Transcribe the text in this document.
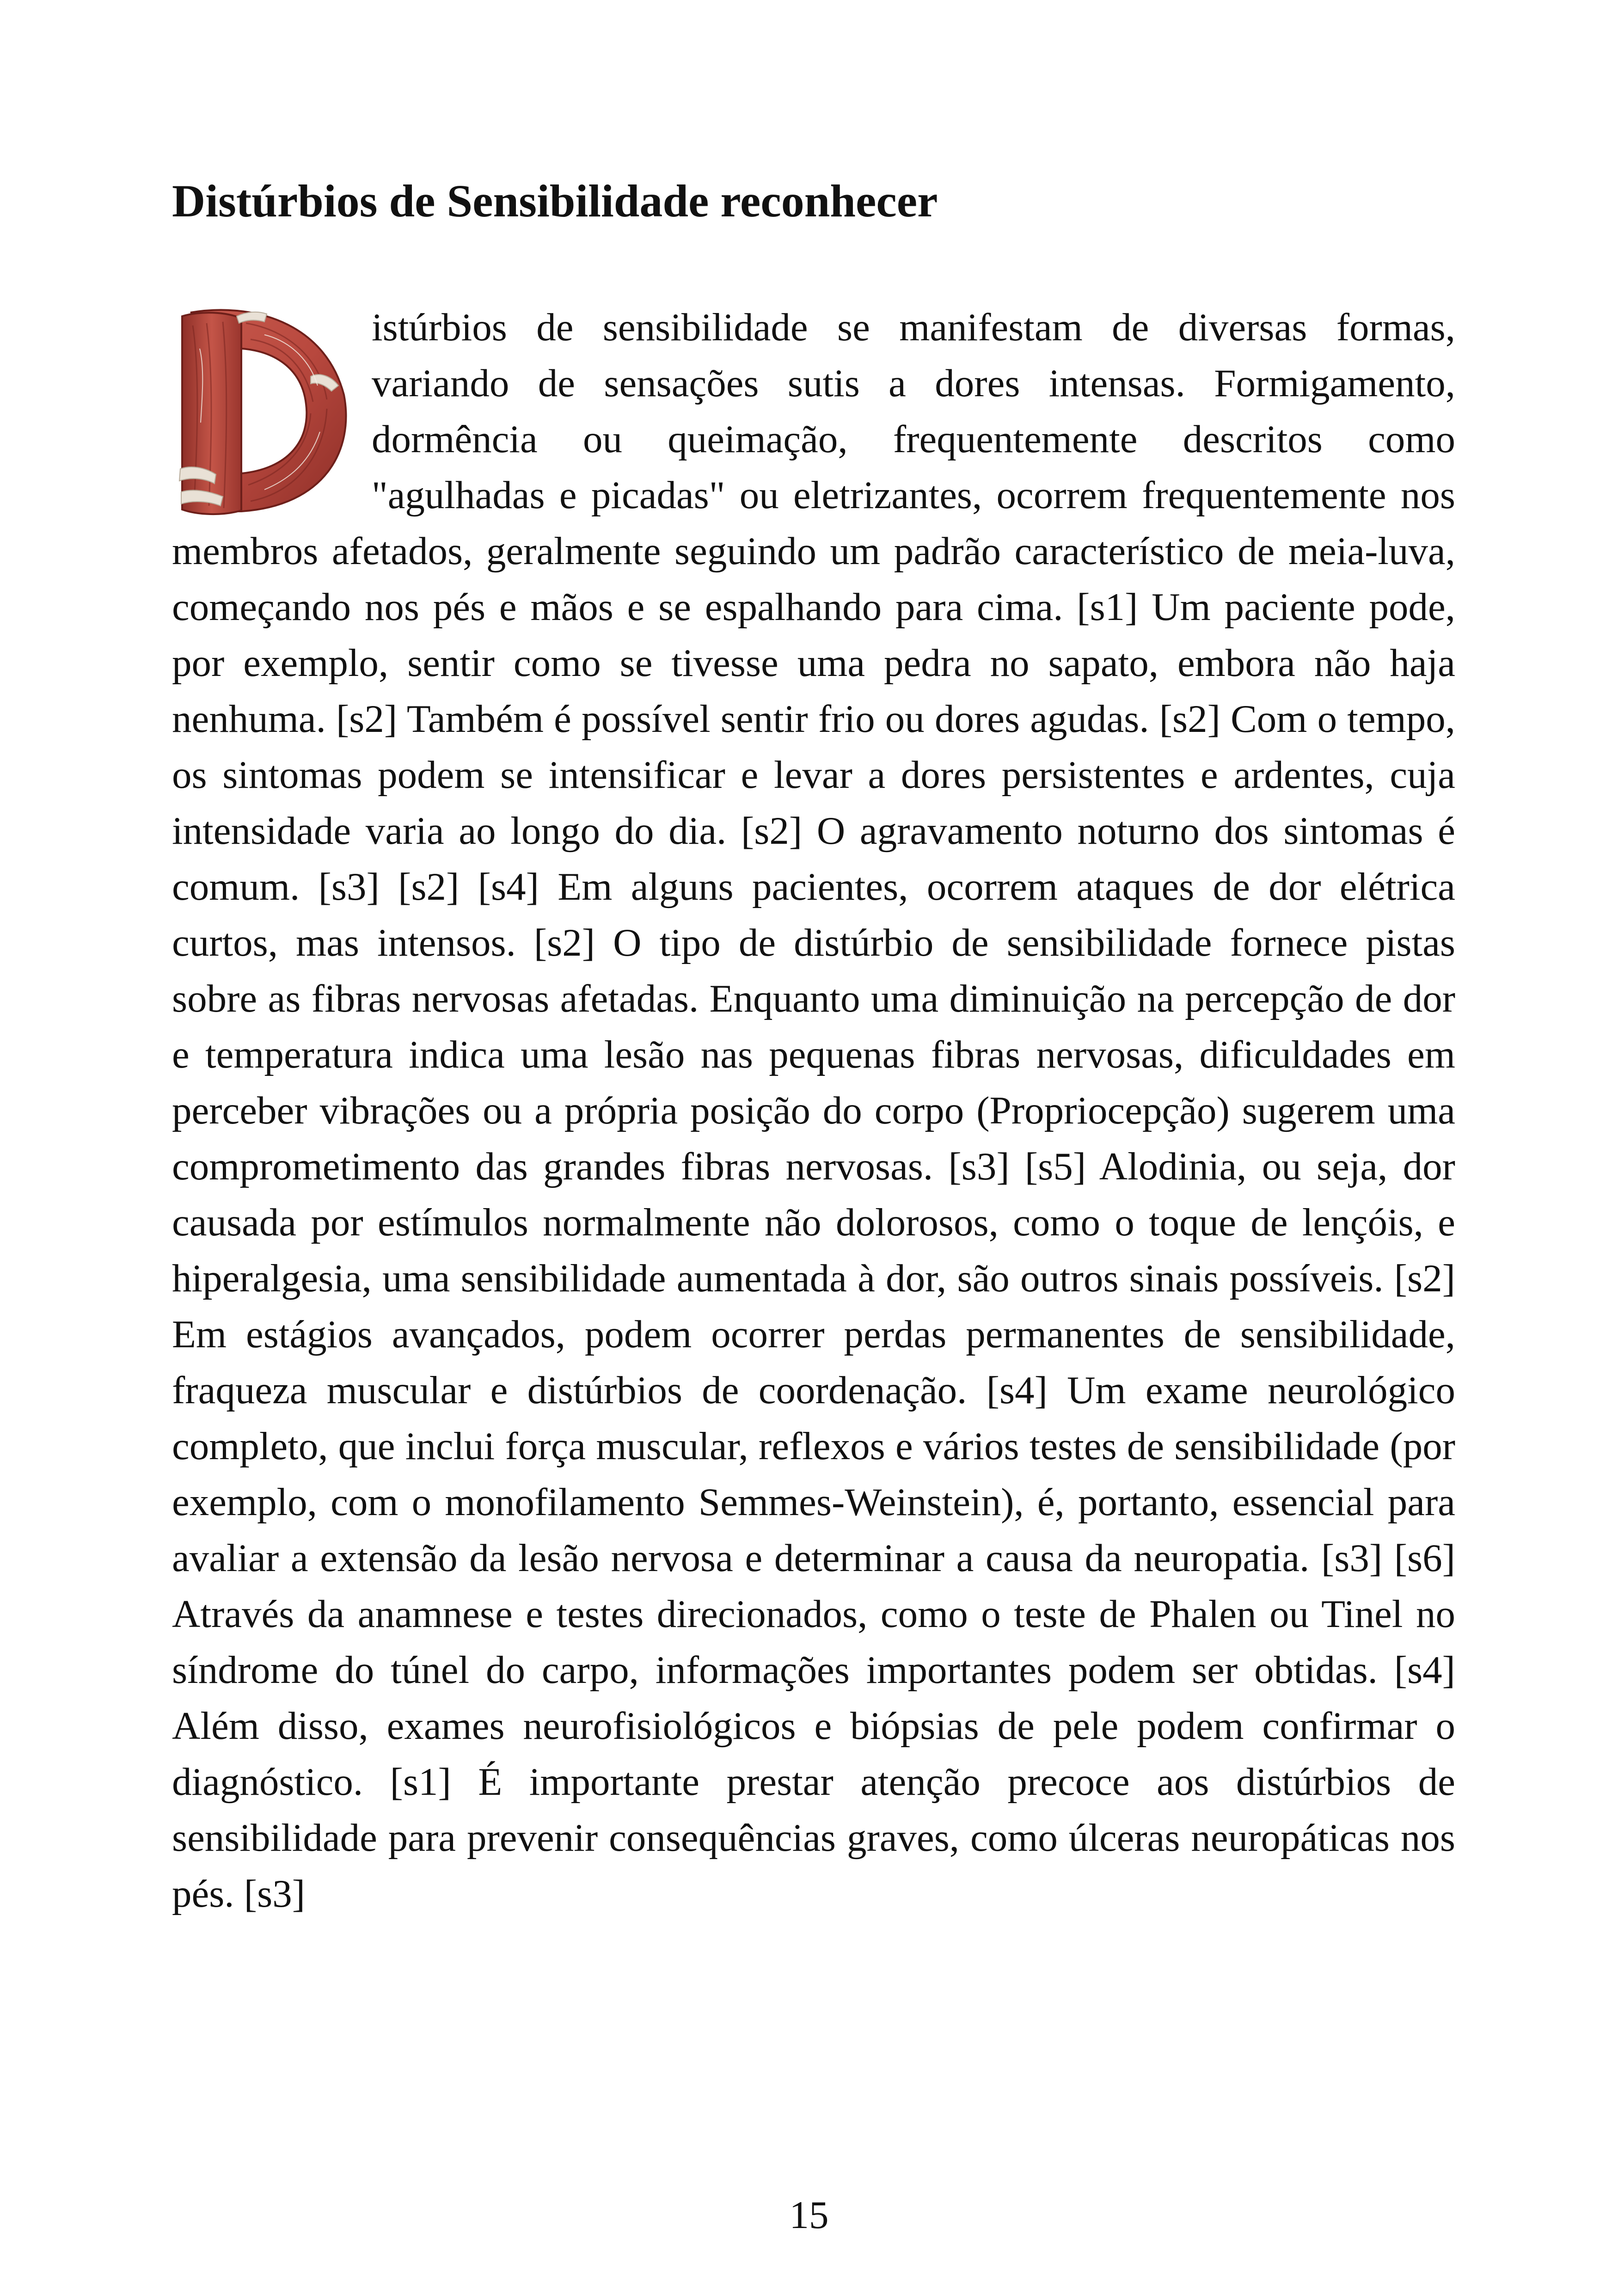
Distúrbios de Sensibilidade reconhecer
istúrbios de sensibilidade se manifestam de diversas formas, variando de sensações sutis a dores intensas. Formigamento, dormência ou queimação, frequentemente descritos como "agulhadas e picadas" ou eletrizantes, ocorrem frequentemente nos membros afetados, geralmente seguindo um padrão característico de meia-luva, começando nos pés e mãos e se espalhando para cima. [s1] Um paciente pode, por exemplo, sentir como se tivesse uma pedra no sapato, embora não haja nenhuma. [s2] Também é possível sentir frio ou dores agudas. [s2] Com o tempo, os sintomas podem se intensificar e levar a dores persistentes e ardentes, cuja intensidade varia ao longo do dia. [s2] O agravamento noturno dos sintomas é comum. [s3] [s2] [s4] Em alguns pacientes, ocorrem ataques de dor elétrica curtos, mas intensos. [s2] O tipo de distúrbio de sensibilidade fornece pistas sobre as fibras nervosas afetadas. Enquanto uma diminuição na percepção de dor e temperatura indica uma lesão nas pequenas fibras nervosas, dificuldades em perceber vibrações ou a própria posição do corpo (Propriocepção) sugerem uma comprometimento das grandes fibras nervosas. [s3] [s5] Alodinia, ou seja, dor causada por estímulos normalmente não dolorosos, como o toque de lençóis, e hiperalgesia, uma sensibilidade aumentada à dor, são outros sinais possíveis. [s2] Em estágios avançados, podem ocorrer perdas permanentes de sensibilidade, fraqueza muscular e distúrbios de coordenação. [s4] Um exame neurológico completo, que inclui força muscular, reflexos e vários testes de sensibilidade (por exemplo, com o monofilamento Semmes-Weinstein), é, portanto, essencial para avaliar a extensão da lesão nervosa e determinar a causa da neuropatia. [s3] [s6] Através da anamnese e testes direcionados, como o teste de Phalen ou Tinel no síndrome do túnel do carpo, informações importantes podem ser obtidas. [s4] Além disso, exames neurofisiológicos e biópsias de pele podem confirmar o diagnóstico. [s1] É importante prestar atenção precoce aos distúrbios de sensibilidade para prevenir consequências graves, como úlceras neuropáticas nos pés. [s3]
15
